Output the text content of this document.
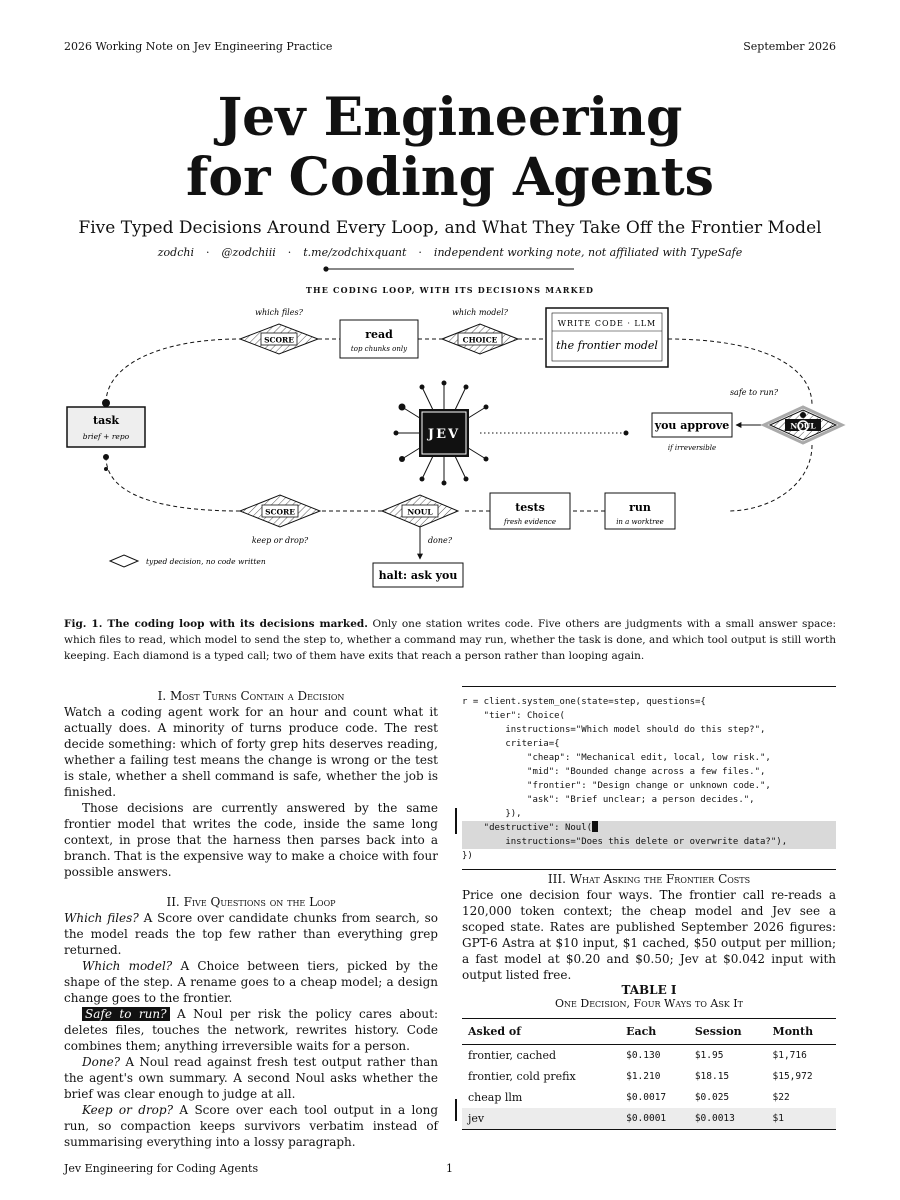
2026 Working Note on Jev Engineering Practice	September 2026
Jev Engineering
for Coding Agents
Five Typed Decisions Around Every Loop, and What They Take Off the Frontier Model
zodchi · @zodchiii · t.me/zodchixquant · independent working note, not affiliated with TypeSafe
THE CODING LOOP, WITH ITS DECISIONS MARKED
JEV
task
brief + repo
which files?
SCORE	read
top chunks only
which model?
CHOICE
WRITE CODE · LLM
the frontier model
you approve
if irreversible
safe to run?
NOUL
run
in a worktree
tests
fresh evidence
NOUL
done?
halt: ask you
SCORE
keep or drop?
typed decision, no code written
Fig. 1. The coding loop with its decisions marked. Only one station writes code. Five others are judgments with a small answer space: which files to read, which model to send the step to, whether a command may run, whether the task is done, and which tool output is still worth keeping. Each diamond is a typed call; two of them have exits that reach a person rather than looping again.
I. Most Turns Contain a Decision

Watch a coding agent work for an hour and count what it actually does. A minority of turns produce code. The rest decide something: which of forty grep hits deserves reading, whether a failing test means the change is wrong or the test is stale, whether a shell command is safe, whether the job is finished.

Those decisions are currently answered by the same frontier model that writes the code, inside the same long context, in prose that the harness then parses back into a branch. That is the expensive way to make a choice with four possible answers.

II. Five Questions on the Loop

Which files? A Score over candidate chunks from search, so the model reads the top few rather than everything grep returned.

Which model? A Choice between tiers, picked by the shape of the step. A rename goes to a cheap model; a design change goes to the frontier.

Safe to run? A Noul per risk the policy cares about: deletes files, touches the network, rewrites history. Code combines them; anything irreversible waits for a person.

Done? A Noul read against fresh test output rather than the agent's own summary. A second Noul asks whether the brief was clear enough to judge at all.

Keep or drop? A Score over each tool output in a long run, so compaction keeps survivors verbatim instead of summarising everything into a lossy paragraph.

r = client.system_one(state=step, questions={
"tier": Choice(
instructions="Which model should do this step?",
criteria={
"cheap": "Mechanical edit, local, low risk.",
"mid": "Bounded change across a few files.",
"frontier": "Design change or unknown code.",
"ask": "Brief unclear; a person decides.",
}),
"destructive": Noul(
instructions="Does this delete or overwrite data?"),
})
III. What Asking the Frontier Costs

Price one decision four ways. The frontier call re-reads a 120,000 token context; the cheap model and Jev see a scoped state. Rates are published September 2026 figures: GPT-6 Astra at $10 input, $1 cached, $50 output per million; a fast model at $0.20 and $0.50; Jev at $0.042 input with output listed free.

TABLE I
One Decision, Four Ways to Ask It
Asked of	Each	Session	Month
frontier, cached	$0.130	$1.95	$1,716
frontier, cold prefix	$1.210	$18.15	$15,972
cheap llm	$0.0017	$0.025	$22
jev	$0.0001	$0.0013	$1
Jev Engineering for Coding Agents	1
